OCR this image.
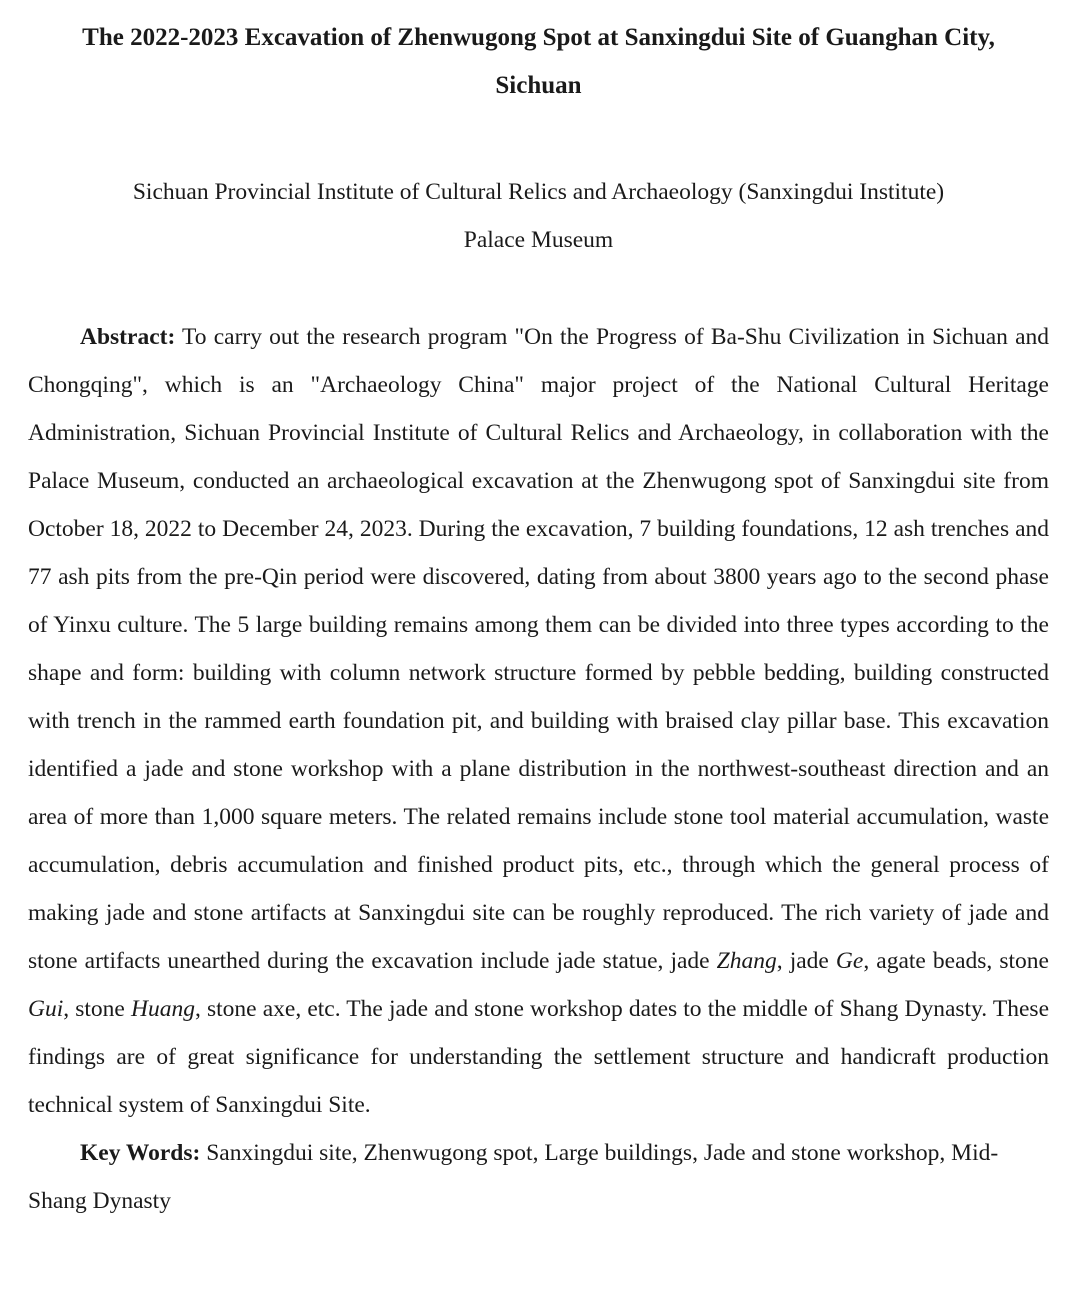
The 2022-2023 Excavation of Zhenwugong Spot at Sanxingdui Site of Guanghan City,
Sichuan
Sichuan Provincial Institute of Cultural Relics and Archaeology (Sanxingdui Institute)
Palace Museum

Abstract: To carry out the research program "On the Progress of Ba-Shu Civilization in Sichuan and Chongqing", which is an "Archaeology China" major project of the National Cultural Heritage Administration, Sichuan Provincial Institute of Cultural Relics and Archaeology, in collaboration with the Palace Museum, conducted an archaeological excavation at the Zhenwugong spot of Sanxingdui site from October 18, 2022 to December 24, 2023. During the excavation, 7 building foundations, 12 ash trenches and 77 ash pits from the pre-Qin period were discovered, dating from about 3800 years ago to the second phase of Yinxu culture. The 5 large building remains among them can be divided into three types according to the shape and form: building with column network structure formed by pebble bedding, building constructed with trench in the rammed earth foundation pit, and building with braised clay pillar base. This excavation identified a jade and stone workshop with a plane distribution in the northwest-southeast direction and an area of more than 1,000 square meters. The related remains include stone tool material accumulation, waste accumulation, debris accumulation and finished product pits, etc., through which the general process of making jade and stone artifacts at Sanxingdui site can be roughly reproduced. The rich variety of jade and stone artifacts unearthed during the excavation include jade statue, jade Zhang, jade Ge, agate beads, stone Gui, stone Huang, stone axe, etc. The jade and stone workshop dates to the middle of Shang Dynasty. These findings are of great significance for understanding the settlement structure and handicraft production technical system of Sanxingdui Site.

Key Words: Sanxingdui site, Zhenwugong spot, Large buildings, Jade and stone workshop, Mid-Shang Dynasty
